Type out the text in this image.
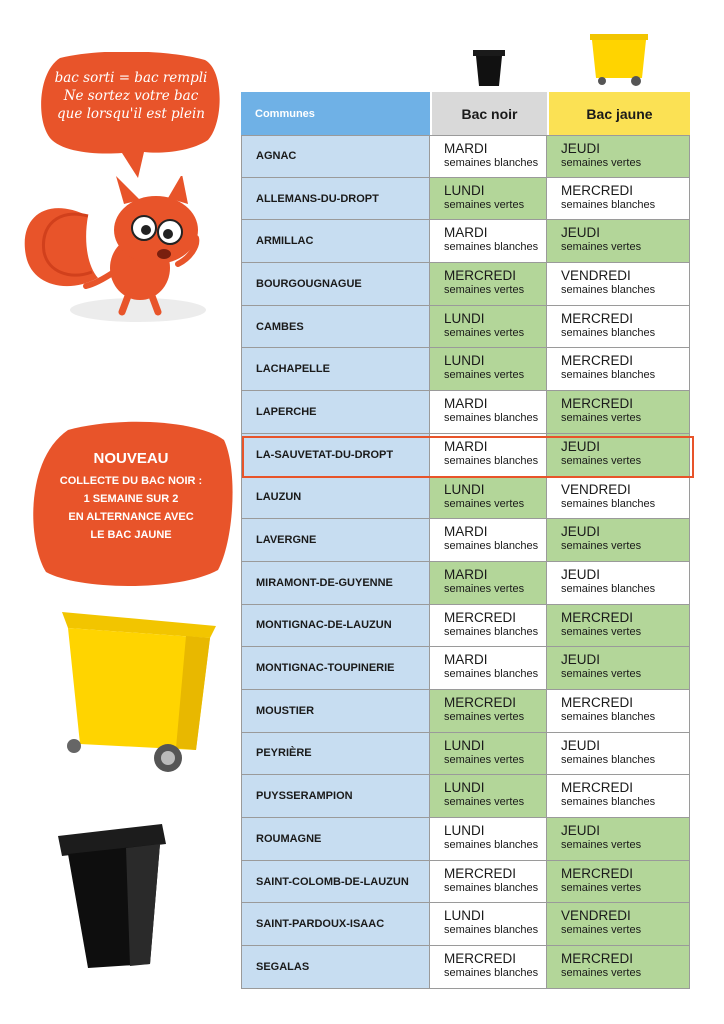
bac sorti = bac rempli
Ne sortez votre bac
que lorsqu'il est plein
NOUVEAU
COLLECTE DU BAC NOIR :
1 SEMAINE SUR 2
EN ALTERNANCE AVEC
LE BAC JAUNE
Communes	Bac noir	Bac jaune
AGNAC
MARDI
semaines blanches
JEUDI
semaines vertes
ALLEMANS-DU-DROPT
LUNDI
semaines vertes
MERCREDI
semaines blanches
ARMILLAC
MARDI
semaines blanches
JEUDI
semaines vertes
BOURGOUGNAGUE
MERCREDI
semaines vertes
VENDREDI
semaines blanches
CAMBES
LUNDI
semaines vertes
MERCREDI
semaines blanches
LACHAPELLE
LUNDI
semaines vertes
MERCREDI
semaines blanches
LAPERCHE
MARDI
semaines blanches
MERCREDI
semaines vertes
LA-SAUVETAT-DU-DROPT
MARDI
semaines blanches
JEUDI
semaines vertes
LAUZUN
LUNDI
semaines vertes
VENDREDI
semaines blanches
LAVERGNE
MARDI
semaines blanches
JEUDI
semaines vertes
MIRAMONT-DE-GUYENNE
MARDI
semaines vertes
JEUDI
semaines blanches
MONTIGNAC-DE-LAUZUN
MERCREDI
semaines blanches
MERCREDI
semaines vertes
MONTIGNAC-TOUPINERIE
MARDI
semaines blanches
JEUDI
semaines vertes
MOUSTIER
MERCREDI
semaines vertes
MERCREDI
semaines blanches
PEYRIÈRE
LUNDI
semaines vertes
JEUDI
semaines blanches
PUYSSERAMPION
LUNDI
semaines vertes
MERCREDI
semaines blanches
ROUMAGNE
LUNDI
semaines blanches
JEUDI
semaines vertes
SAINT-COLOMB-DE-LAUZUN
MERCREDI
semaines blanches
MERCREDI
semaines vertes
SAINT-PARDOUX-ISAAC
LUNDI
semaines blanches
VENDREDI
semaines vertes
SEGALAS
MERCREDI
semaines blanches
MERCREDI
semaines vertes
